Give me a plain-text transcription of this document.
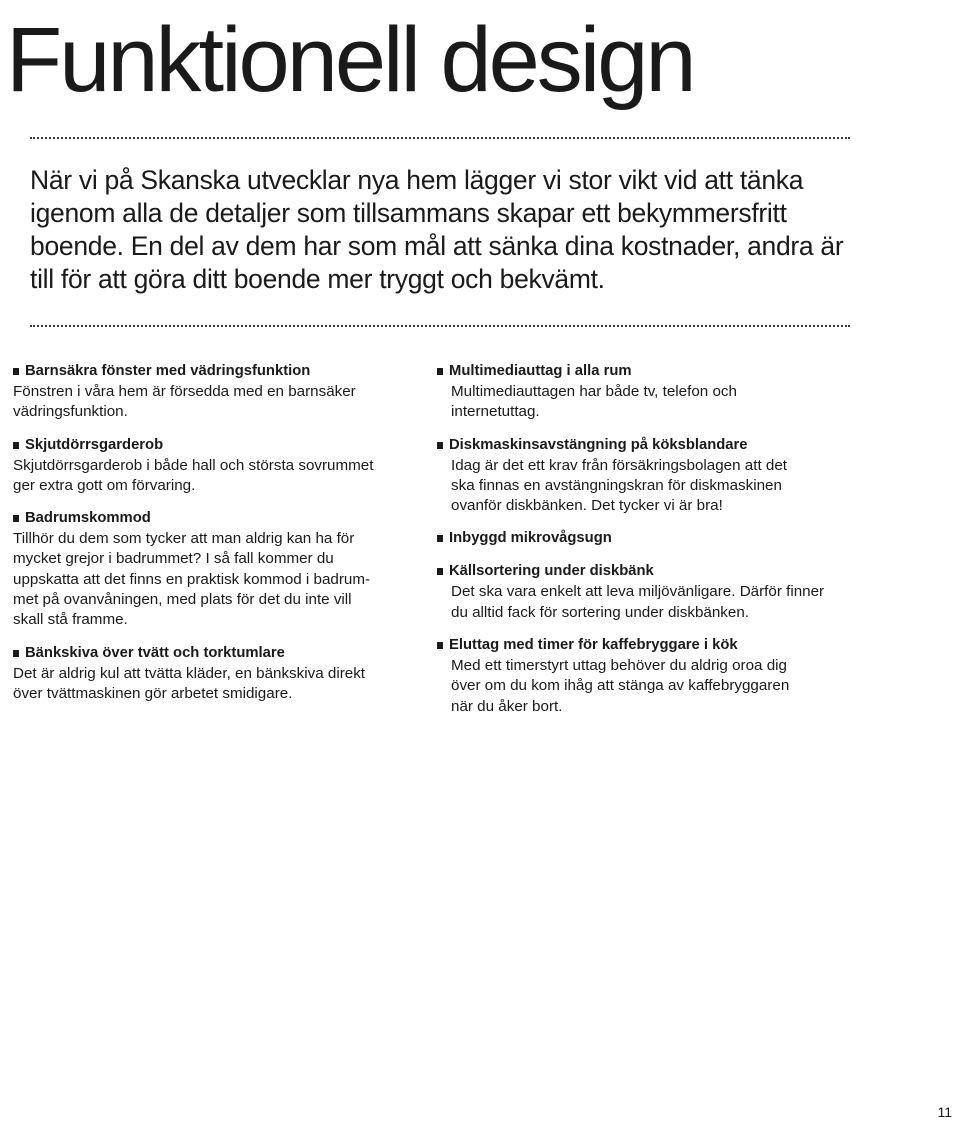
Funktionell design

När vi på Skanska utvecklar nya hem lägger vi stor vikt vid att tänka igenom alla de detaljer som tillsammans skapar ett bekymmersfritt boende. En del av dem har som mål att sänka dina kostnader, andra är till för att göra ditt boende mer tryggt och bekvämt.

Barnsäkra fönster med vädringsfunktion
Fönstren i våra hem är försedda med en barnsäker
vädringsfunktion.
Skjutdörrsgarderob
Skjutdörrsgarderob i både hall och största sovrummet
ger extra gott om förvaring.
Badrumskommod
Tillhör du dem som tycker att man aldrig kan ha för
mycket grejor i badrummet? I så fall kommer du
uppskatta att det finns en praktisk kommod i badrum-
met på ovanvåningen, med plats för det du inte vill
skall stå framme.
Bänkskiva över tvätt och torktumlare
Det är aldrig kul att tvätta kläder, en bänkskiva direkt
över tvättmaskinen gör arbetet smidigare.
Multimediauttag i alla rum
Multimediauttagen har både tv, telefon och
internetuttag.
Diskmaskinsavstängning på köksblandare
Idag är det ett krav från försäkringsbolagen att det
ska finnas en avstängningskran för diskmaskinen
ovanför diskbänken. Det tycker vi är bra!
Inbyggd mikrovågsugn
Källsortering under diskbänk
Det ska vara enkelt att leva miljövänligare. Därför finner
du alltid fack för sortering under diskbänken.
Eluttag med timer för kaffebryggare i kök
Med ett timerstyrt uttag behöver du aldrig oroa dig
över om du kom ihåg att stänga av kaffebryggaren
när du åker bort.
11
